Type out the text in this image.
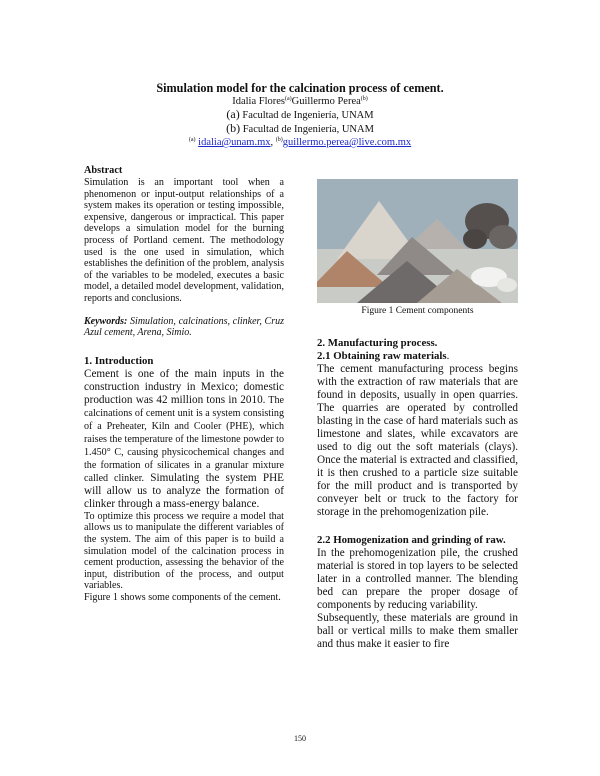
Simulation model for the calcination process of cement.

Idalia Flores$^{(a)}$Guillermo Perea$^{(b)}$
(a) Facultad de Ingeniería, UNAM
(b) Facultad de Ingeniería, UNAM
$^{(a)}$ idalia@unam.mx, $^{(b)}$guillermo.perea@live.com.mx
Abstract

Simulation is an important tool when a phenomenon or input-output relationships of a system makes its operation or testing impossible, expensive, dangerous or impractical. This paper develops a simulation model for the burning process of Portland cement. The methodology used is the one used in simulation, which establishes the definition of the problem, analysis of the variables to be modeled, executes a basic model, a detailed model development, validation, reports and conclusions.

Keywords: Simulation, calcinations, clinker, Cruz Azul cement, Arena, Simio.

1. Introduction

Cement is one of the main inputs in the construction industry in Mexico; domestic production was 42 million tons in 2010. The calcinations of cement unit is a system consisting of a Preheater, Kiln and Cooler (PHE), which raises the temperature of the limestone powder to 1.450° C, causing physicochemical changes and the formation of silicates in a granular mixture called clinker. Simulating the system PHE will allow us to analyze the formation of clinker through a mass-energy balance.

To optimize this process we require a model that allows us to manipulate the different variables of the system. The aim of this paper is to build a simulation model of the calcination process in cement production, assessing the behavior of the input, distribution of the process, and output variables.

Figure 1 shows some components of the cement.

Figure 1 Cement components
2. Manufacturing process.
2.1 Obtaining raw materials.

The cement manufacturing process begins with the extraction of raw materials that are found in deposits, usually in open quarries. The quarries are operated by controlled blasting in the case of hard materials such as limestone and slates, while excavators are used to dig out the soft materials (clays). Once the material is extracted and classified, it is then crushed to a particle size suitable for the mill product and is transported by conveyer belt or truck to the factory for storage in the prehomogenization pile.

2.2 Homogenization and grinding of raw.

In the prehomogenization pile, the crushed material is stored in top layers to be selected later in a controlled manner. The blending bed can prepare the proper dosage of components by reducing variability.

Subsequently, these materials are ground in ball or vertical mills to make them smaller and thus make it easier to fire

150
